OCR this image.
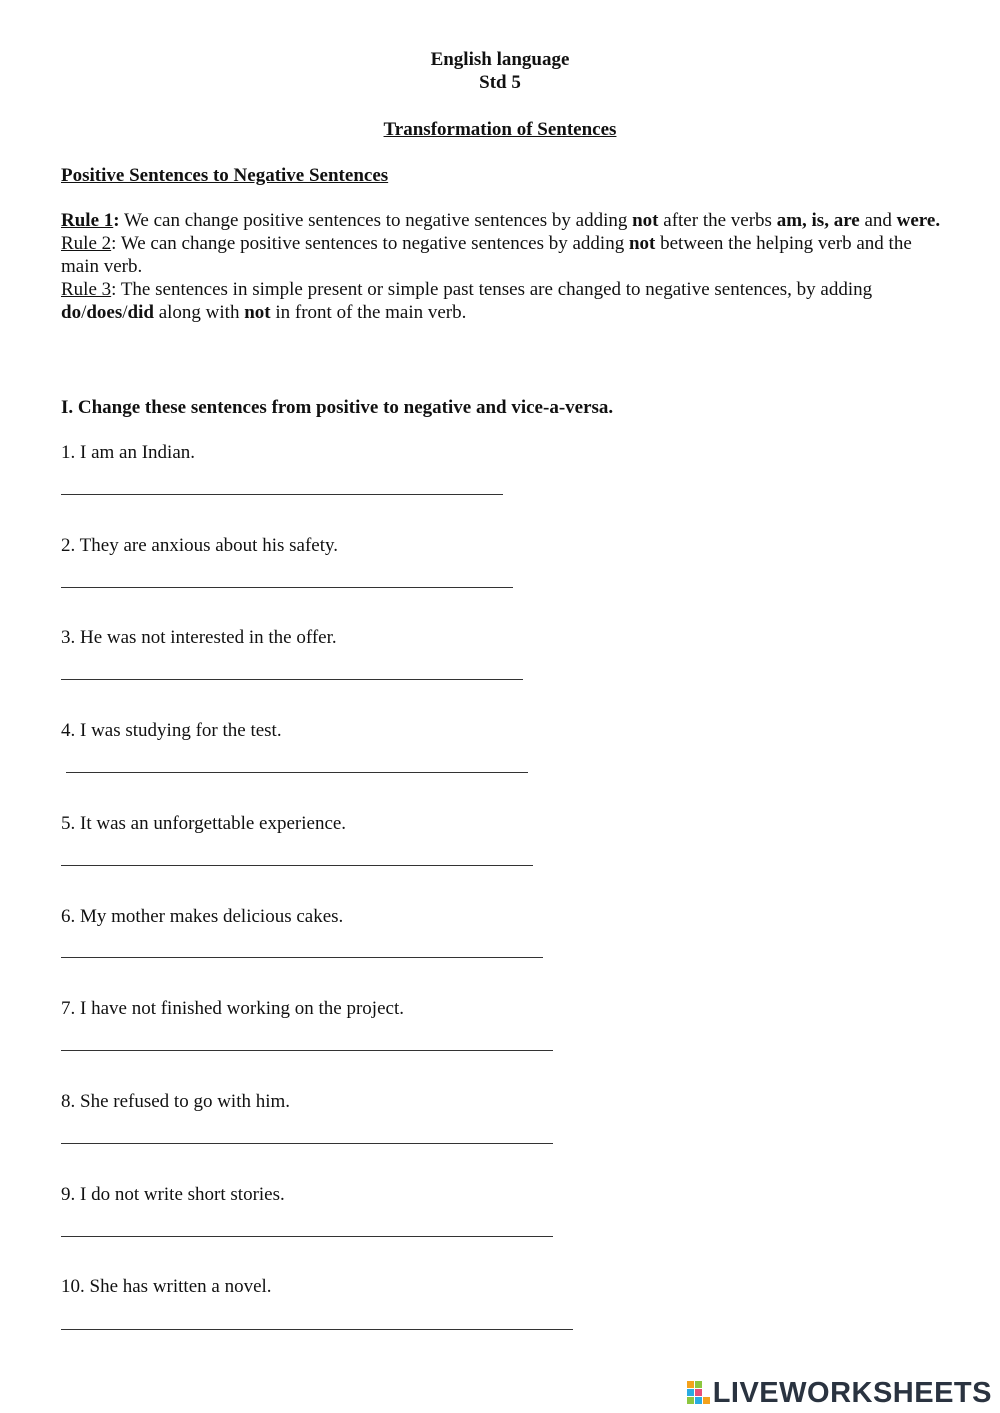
English language
Std 5
Transformation of Sentences
Positive Sentences to Negative Sentences

Rule 1: We can change positive sentences to negative sentences by adding not after the verbs am, is, are and were.

Rule 2: We can change positive sentences to negative sentences by adding not between the helping verb and the main verb.

Rule 3: The sentences in simple present or simple past tenses are changed to negative sentences, by adding do/does/did along with not in front of the main verb.

I. Change these sentences from positive to negative and vice-a-versa.
1. I am an Indian.
2. They are anxious about his safety.
3. He was not interested in the offer.
4. I was studying for the test.
5. It was an unforgettable experience.
6. My mother makes delicious cakes.
7. I have not finished working on the project.
8. She refused to go with him.
9. I do not write short stories.
10. She has written a novel.
LIVEWORKSHEETS
